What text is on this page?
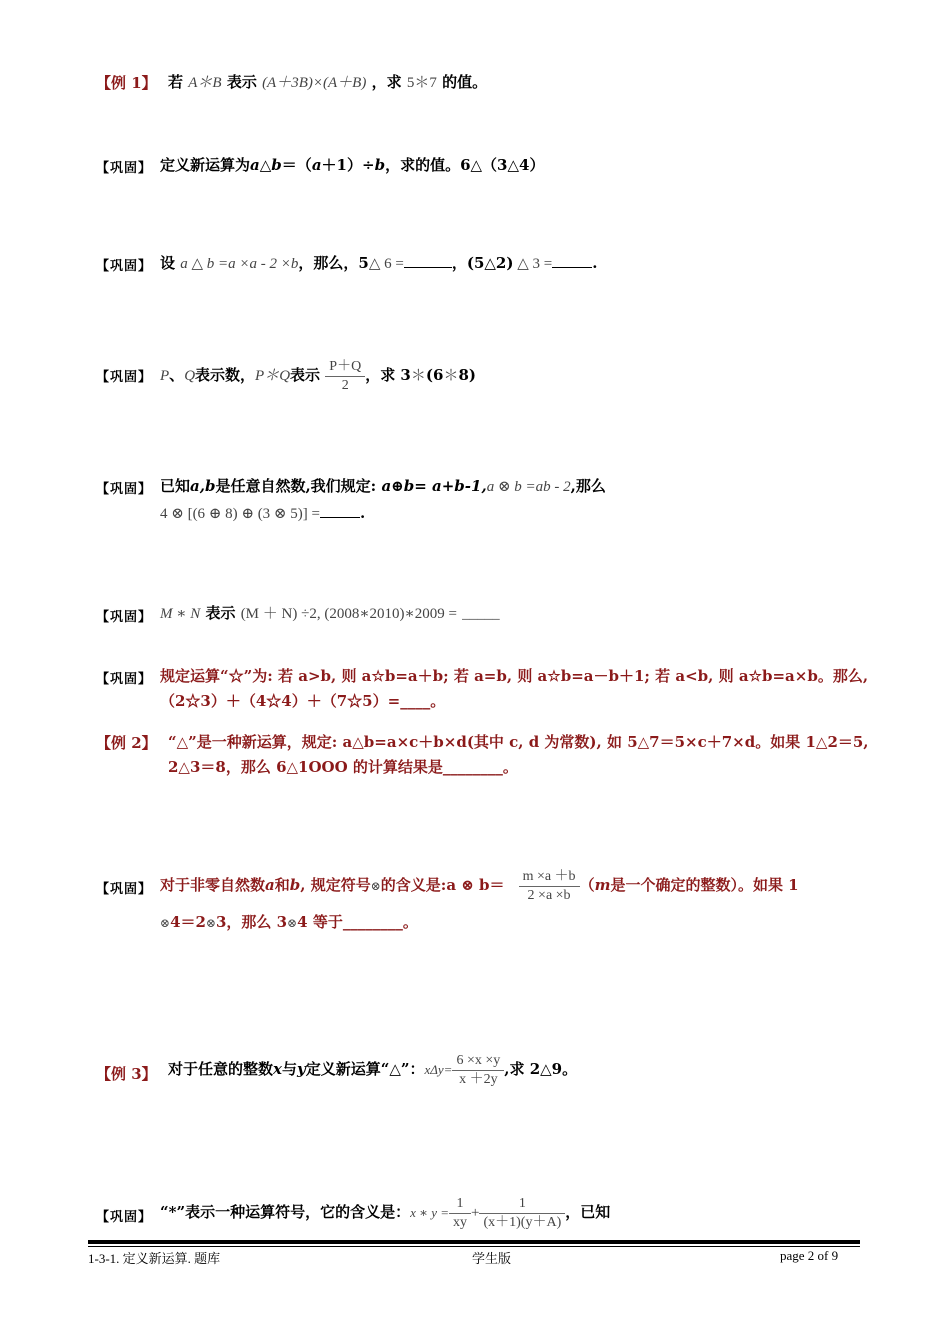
【例 1】 若 A＊B 表示 (A＋3B)×(A＋B) ，求 5＊7 的值。
【巩固】 定义新运算为a△b＝（a＋1）÷b，求的值。6△（3△4）
【巩固】 设 a △ b =a ×a - 2 ×b，那么，5△ 6 =	，(5△2) △ 3 =	.
【巩固】 P、Q表示数，P＊Q表示 $\frac{P+Q}{2}$ ，求 3＊(6＊8)
【巩固】 已知a,b是任意自然数,我们规定: a⊕b= a+b-1,a ⊗ b =ab - 2,那么
4 ⊗ [(6 ⊕ 8) ⊕ (3 ⊗ 5)] =	.
【巩固】 M ∗ N 表示 (M ＋ N) ÷2, (2008∗2010)∗2009 = _____
【巩固】 规定运算“☆”为: 若 a>b, 则 a☆b=a＋b; 若 a=b, 则 a☆b=a－b＋1; 若 a<b, 则 a☆b=a×b。那么,
（2☆3）＋（4☆4）＋（7☆5）=____。
【例 2】 “△”是一种新运算，规定: a△b=a×c＋b×d(其中 c, d 为常数), 如 5△7＝5×c＋7×d。如果 1△2＝5,
2△3＝8，那么 6△1OOO 的计算结果是________。
【巩固】 对于非零自然数a和b, 规定符号⊗的含义是:a ⊗ $b= \frac{m \times a +b}{2 \times a \times b} (m$是一个确定的整数）。如果 1
⊗4＝2⊗3，那么 3⊗4 等于________。
【例 3】 对于任意的整数x与y定义新运算“△”：$x\Delta y= \frac{6 \times x \times y}{x +2y}$ ,求 2△9。
【巩固】 “*”表示一种运算符号，它的含义是：x ∗ $y = \frac{1}{xy} + \frac{1}{(x+1)(y+A)}$ ，已知
1-3-1. 定义新运算. 题库	学生版	page 2 of 9
